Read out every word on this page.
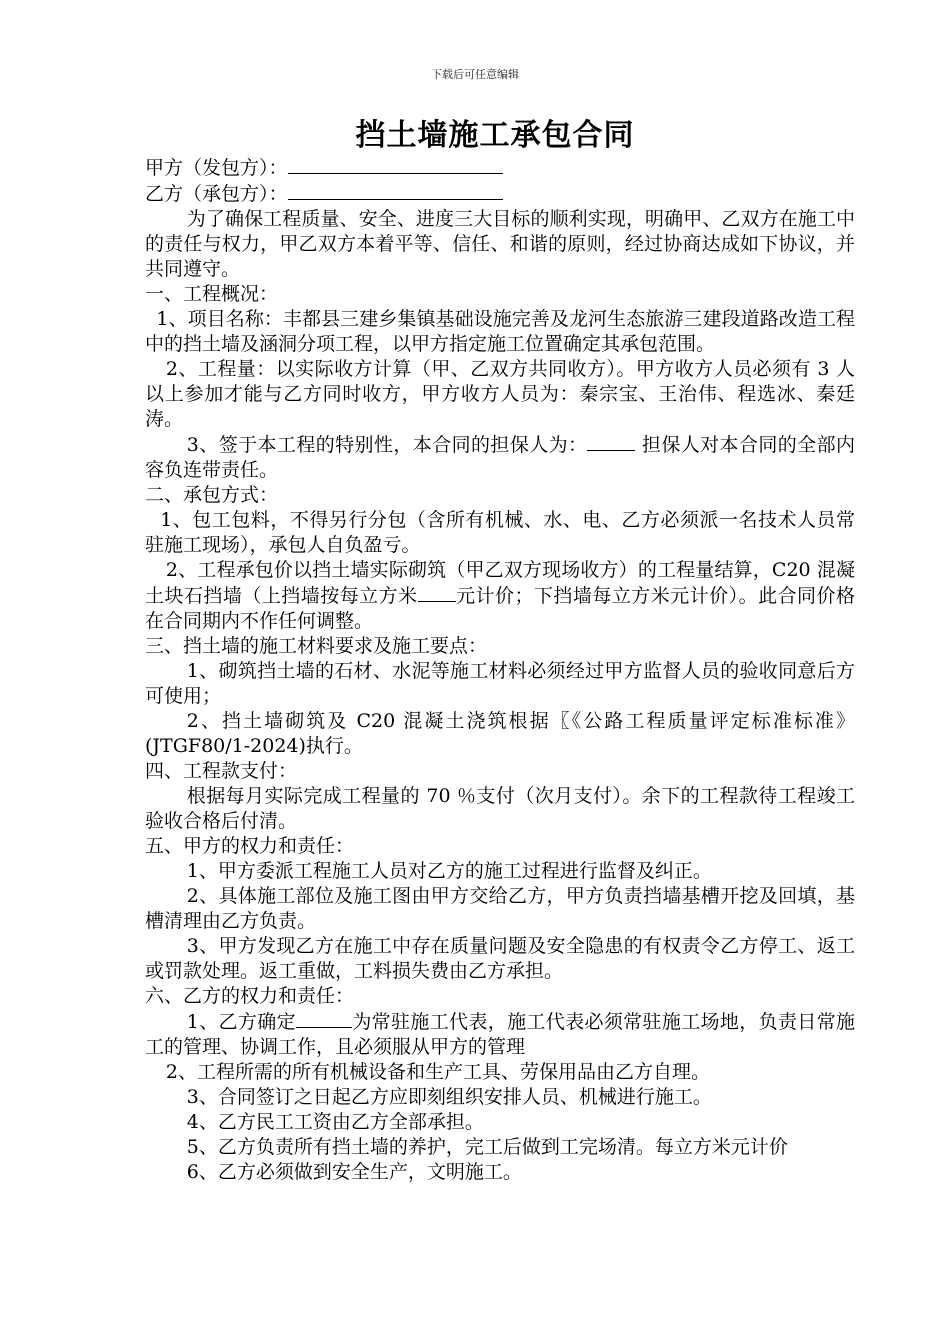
下载后可任意编辑
挡土墙施工承包合同

甲方（发包方）：

乙方（承包方）：

为了确保工程质量、安全、进度三大目标的顺利实现，明确甲、乙双方在施工中的责任与权力，甲乙双方本着平等、信任、和谐的原则，经过协商达成如下协议，并共同遵守。

一、工程概况：

1、项目名称：丰都县三建乡集镇基础设施完善及龙河生态旅游三建段道路改造工程中的挡土墙及涵洞分项工程，以甲方指定施工位置确定其承包范围。

2、工程量：以实际收方计算（甲、乙双方共同收方）。甲方收方人员必须有 3 人以上参加才能与乙方同时收方，甲方收方人员为：秦宗宝、王治伟、程选冰、秦廷涛。

3、签于本工程的特别性，本合同的担保人为：	担保人对本合同的全部内容负连带责任。

二、承包方式：

1、包工包料，不得另行分包（含所有机械、水、电、乙方必须派一名技术人员常驻施工现场），承包人自负盈亏。

2、工程承包价以挡土墙实际砌筑（甲乙双方现场收方）的工程量结算，C20 混凝土块石挡墙（上挡墙按每立方米 元计价；下挡墙每立方米元计价）。此合同价格在合同期内不作任何调整。

三、挡土墙的施工材料要求及施工要点：

1、砌筑挡土墙的石材、水泥等施工材料必须经过甲方监督人员的验收同意后方可使用；

2、挡土墙砌筑及 C20 混凝土浇筑根据〖《公路工程质量评定标准标准》(JTGF80/1-2024)执行。

四、工程款支付：

根据每月实际完成工程量的 70 ％支付（次月支付）。余下的工程款待工程竣工验收合格后付清。

五、甲方的权力和责任：

1、甲方委派工程施工人员对乙方的施工过程进行监督及纠正。

2、具体施工部位及施工图由甲方交给乙方，甲方负责挡墙基槽开挖及回填，基槽清理由乙方负责。

3、甲方发现乙方在施工中存在质量问题及安全隐患的有权责令乙方停工、返工或罚款处理。返工重做，工料损失费由乙方承担。

六、乙方的权力和责任：

1、乙方确定	为常驻施工代表，施工代表必须常驻施工场地，负责日常施工的管理、协调工作，且必须服从甲方的管理

2、工程所需的所有机械设备和生产工具、劳保用品由乙方自理。

3、合同签订之日起乙方应即刻组织安排人员、机械进行施工。

4、乙方民工工资由乙方全部承担。

5、乙方负责所有挡土墙的养护，完工后做到工完场清。每立方米元计价

6、乙方必须做到安全生产，文明施工。
